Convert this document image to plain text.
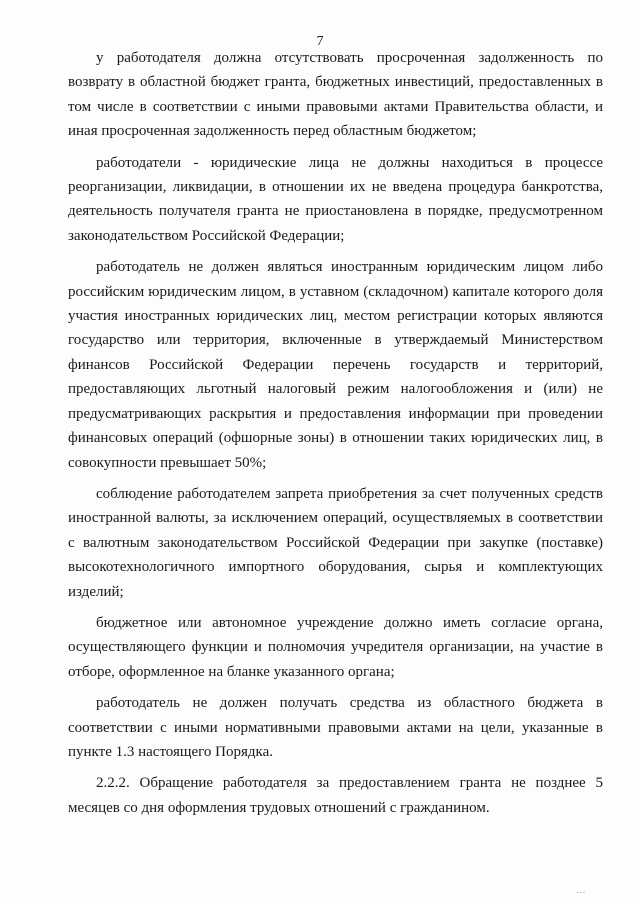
7

у работодателя должна отсутствовать просроченная задолженность по возврату в областной бюджет гранта, бюджетных инвестиций, предоставленных в том числе в соответствии с иными правовыми актами Правительства области, и иная просроченная задолженность перед областным бюджетом;

работодатели - юридические лица не должны находиться в процессе реорганизации, ликвидации, в отношении их не введена процедура банкротства, деятельность получателя гранта не приостановлена в порядке, предусмотренном законодательством Российской Федерации;

работодатель не должен являться иностранным юридическим лицом либо российским юридическим лицом, в уставном (складочном) капитале которого доля участия иностранных юридических лиц, местом регистрации которых являются государство или территория, включенные в утверждаемый Министерством финансов Российской Федерации перечень государств и территорий, предоставляющих льготный налоговый режим налогообложения и (или) не предусматривающих раскрытия и предоставления информации при проведении финансовых операций (офшорные зоны) в отношении таких юридических лиц, в совокупности превышает 50%;

соблюдение работодателем запрета приобретения за счет полученных средств иностранной валюты, за исключением операций, осуществляемых в соответствии с валютным законодательством Российской Федерации при закупке (поставке) высокотехнологичного импортного оборудования, сырья и комплектующих изделий;

бюджетное или автономное учреждение должно иметь согласие органа, осуществляющего функции и полномочия учредителя организации, на участие в отборе, оформленное на бланке указанного органа;

работодатель не должен получать средства из областного бюджета в соответствии с иными нормативными правовыми актами на цели, указанные в пункте 1.3 настоящего Порядка.

2.2.2. Обращение работодателя за предоставлением гранта не позднее 5 месяцев со дня оформления трудовых отношений с гражданином.

...
